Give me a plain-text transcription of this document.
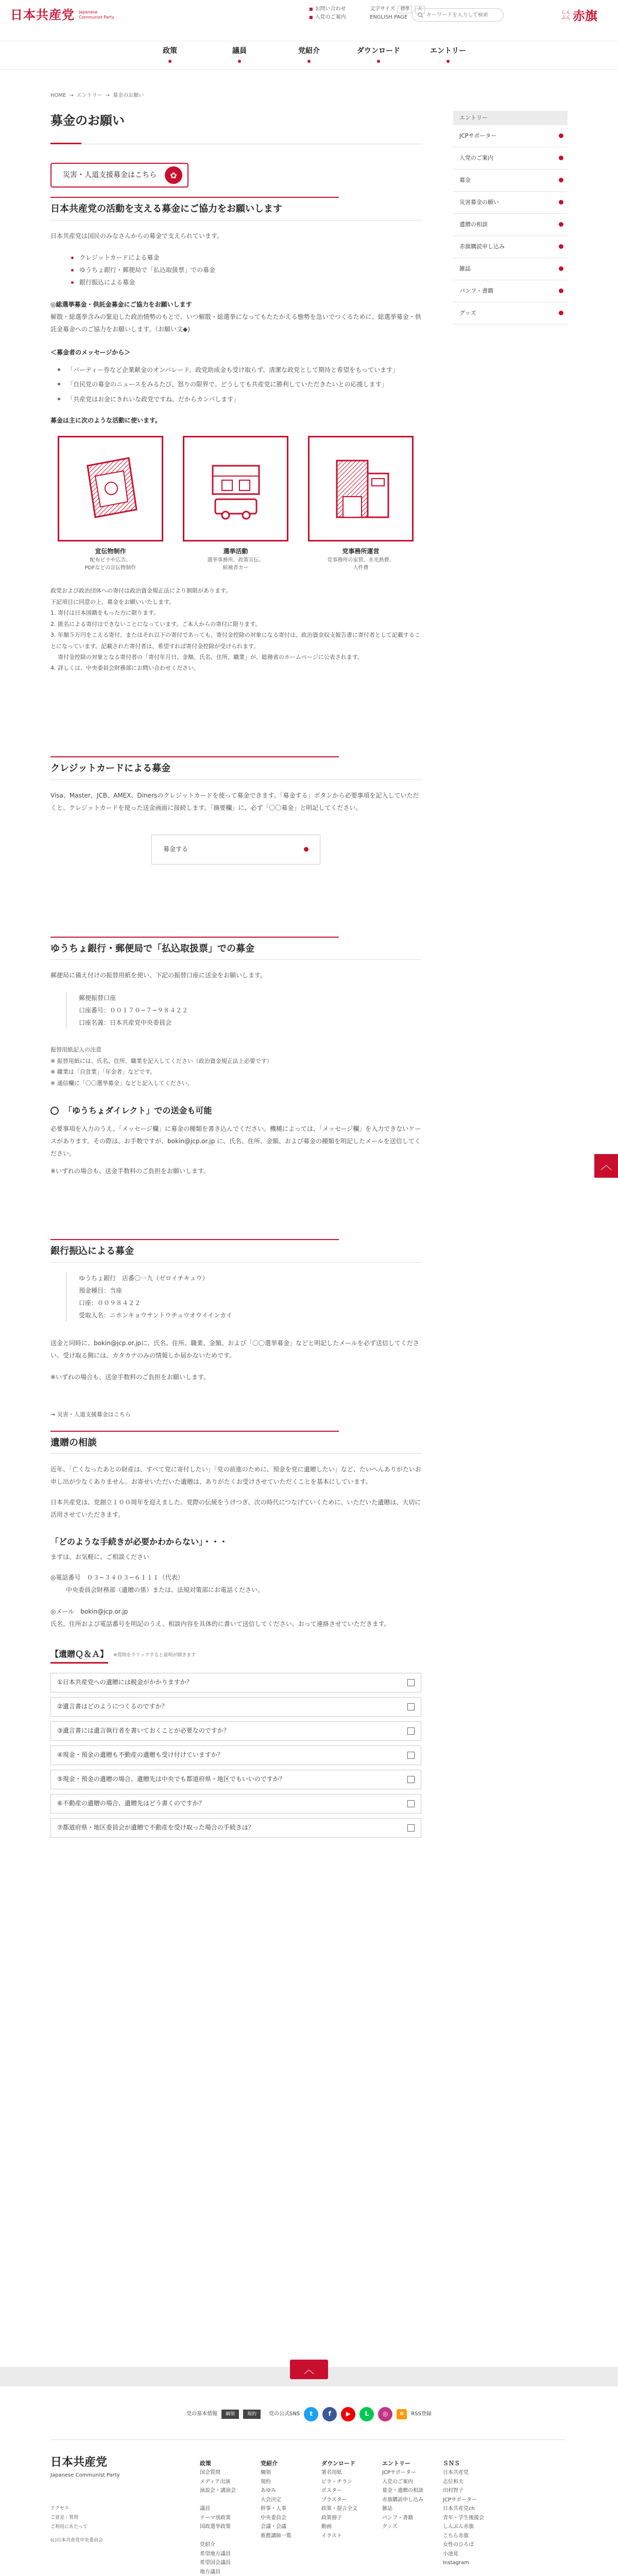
日本共産党 Japanese Communist Party
■ お問い合わせ
■ 入党のご案内
文字サイズ 標準 大
ENGLISH PAGE
キーワードを入力して検索
しんぶん 赤旗
政策	議員	党紹介	ダウンロード	エントリー
HOME → エントリー → 募金のお願い
募金のお願い
災害・人道支援募金はこちら	✿
日本共産党の活動を支える募金にご協力をお願いします

日本共産党は国民のみなさんからの募金で支えられています。

クレジットカードによる募金
ゆうちょ銀行・郵便局で「払込取扱票」での募金
銀行振込による募金
◎総選挙募金・供託金募金にご協力をお願いします

解散・総選挙含みの緊迫した政治情勢のもとで、いつ解散・総選挙になってもたたかえる態勢を急いでつくるために、総選挙募金・供託金募金へのご協力をお願いします。（お願い文◆)

＜募金者のメッセージから＞
「パーティー券など企業献金のオンパレード。政党助成金も受け取らず、清潔な政党として期待と希望をもっています」
「自民党の募金のニュースをみるたび、怒りの限界で。どうしても共産党に勝利していただきたいとの応援します」
「共産党はお金にきれいな政党ですね。だからカンパします」
募金は主に次のような活動に使います。
宣伝物制作
配布ビラや広告、
PDFなどの宣伝物制作
選挙活動
選挙事務所、政策宣伝、
候補者カー
党事務所運営
党事務所の家賃、水光熱費、
人件費
政党および政治団体への寄付は政治資金規正法により制限があります。
下記項目に同意の上、募金をお願いいたします。
1. 寄付は日本国籍をもった方に限ります。
2. 匿名による寄付はできないことになっています。ご本人からの寄付に限ります。
3. 年額５万円をこえる寄付、またはそれ以下の寄付であっても、寄付金控除の対象になる寄付は、政治資金収支報告書に寄付者として記載することになっています。記載された寄付者は、希望すれば寄付金控除が受けられます。
寄付金控除の対象となる寄付者の「寄付年月日、金額、氏名、住所、職業」が、総務省のホームページに公表されます。
4. 詳しくは、中央委員会財務部にお問い合わせください。
クレジットカードによる募金

Visa、Master、JCB、AMEX、Dinersのクレジットカードを使って募金できます。「募金する」ボタンから必要事項を記入していただくと、クレジットカードを使った送金画面に接続します。「摘要欄」に、必ず「〇〇募金」と明記してください。

募金する
ゆうちょ銀行・郵便局で「払込取扱票」での募金

郵便局に備え付けの振替用紙を使い、下記の振替口座に送金をお願いします。

郵便振替口座
口座番号：００１７０−７−９８４２２
口座名義：日本共産党中央委員会
振替用紙記入の注意
※ 振替用紙には、氏名、住所、職業を記入してください（政治資金規正法上必要です）
※ 職業は「自営業」「年金者」などです。
※ 通信欄に「〇〇選挙募金」などと記入してください。
「ゆうちょダイレクト」での送金も可能

必要事項を入力のうえ、「メッセージ欄」に募金の種類を書き込んでください。機種によっては、「メッセージ欄」を入力できないケースがあります。その際は、お手数ですが、bokin@jcp.or.jp に、氏名、住所、金額、および募金の種類を明記したメールを送信してください。

※いずれの場合も、送金手数料のご負担をお願いします。

銀行振込による募金
ゆうちょ銀行　店番〇一九（ゼロイチキュウ）
預金種目：当座
口座：００９８４２２
受取人名：ニホンキョウサントウチュウオウイインカイ

送金と同時に、bokin@jcp.or.jpに、氏名、住所、職業、金額、および「〇〇選挙募金」などと明記したメールを必ず送信してください。受け取る側には、カタカナのみの情報しか届かないためです。

※いずれの場合も、送金手数料のご負担をお願いします。

→ 災害・人道支援募金はこちら

遺贈の相談

近年、「亡くなったあとの財産は、すべて党に寄付したい」「党の前進のために、預金を党に遺贈したい」など、たいへんありがたいお申し出が少なくありません。お寄せいただいた遺贈は、ありがたくお受けさせていただくことを基本にしています。

日本共産党は、党創立１００周年を迎えました。党際の伝統をうけつぎ、次の時代につなげていくために、いただいた遺贈は、大切に活用させていただきます。

「どのような手続きが必要かわからない」・・・

まずは、お気軽に、ご相談ください

◎電話番号　０３−３４０３−６１１１（代表）

中央委員会財務部（遺贈の係）または、法規対策部にお電話ください。

◎メール　bokin@jcp.or.jp

氏名、住所および電話番号を明記のうえ、相談内容を具体的に書いて送信してください。おって連絡させていただきます。

【遺贈Ｑ＆Ａ】 ※質問をクリックすると説明が開きます
①日本共産党への遺贈には税金がかかりますか？
②遺言書はどのようにつくるのですか？
③遺言書には遺言執行者を書いておくことが必要なのですか？
④現金・預金の遺贈も不動産の遺贈も受け付けていますか？
⑤現金・預金の遺贈の場合、遺贈先は中央でも都道府県・地区でもいいのですか？
⑥不動産の遺贈の場合、遺贈先はどう書くのですか？
⑦都道府県・地区委員会が遺贈で不動産を受け取った場合の手続きは？
エントリー
JCPサポーター
入党のご案内
募金
災害募金の願い
遺贈の相談
赤旗購読申し込み
雑誌
パンフ・書籍
グッズ
︿
︿
党の基本情報	綱領	規約	党の公式SNS	t	f	▶	L	◎	R	RSS登録
日本共産党
Japanese Communist Party
アクセス
ご意見・質問
ご利用にあたって
(c)日本共産党中央委員会
政策
国会質問
メディア出演
演説会・講演会

議員
テーマ別政策
国政選挙政策

党紹介
希望地方議員
希望国会議員
地方議員
党紹介
綱領
規約
あゆみ
大会決定
幹事・人事
中央委員会
会議・会議
推薦講師一覧
ダウンロード
署名用紙
ビラ・チラシ
ポスター
プラスター
政策・提言全文
政策冊子
動画
イラスト
エントリー
JCPサポーター
入党のご案内
募金・遺贈の相談
赤旗購読申し込み
雑誌
パンフ・書籍
グッズ
ＳＮＳ
日本共産党
志位和夫
田村智子
JCPサポーター
日本共産党ch
青年・学生後援会
しんぶん赤旗
こちら赤旗
女性のひろば
小池晃
Instagram
